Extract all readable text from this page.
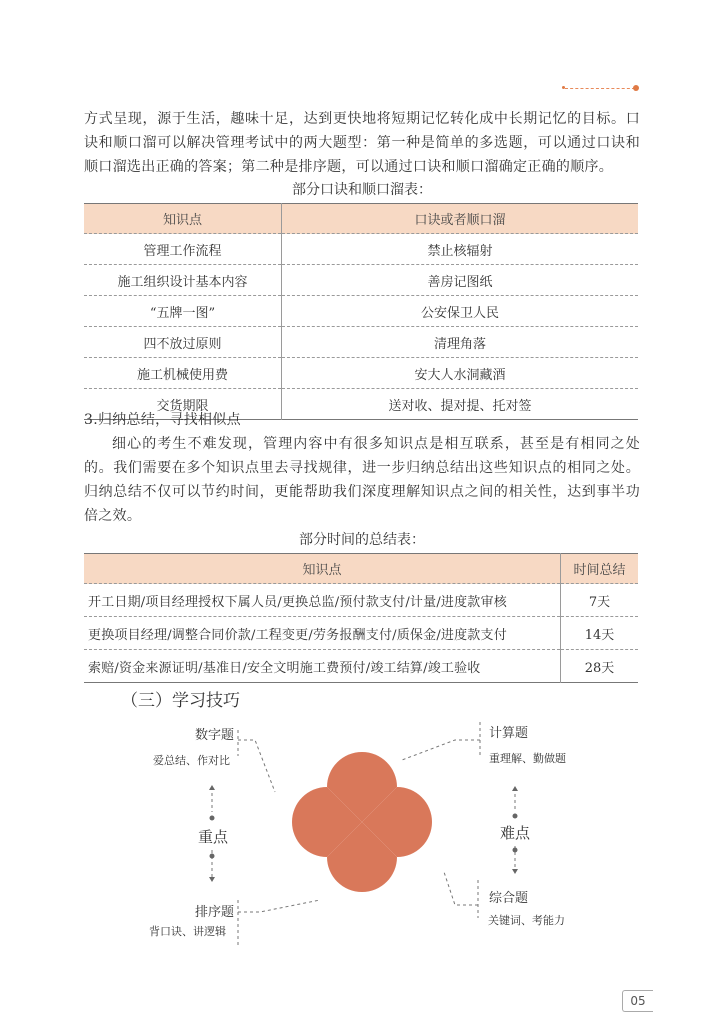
方式呈现，源于生活，趣味十足，达到更快地将短期记忆转化成中长期记忆的目标。口诀和顺口溜可以解决管理考试中的两大题型：第一种是简单的多选题，可以通过口诀和顺口溜选出正确的答案；第二种是排序题，可以通过口诀和顺口溜确定正确的顺序。
部分口诀和顺口溜表：
知识点	口诀或者顺口溜
管理工作流程	禁止核辐射
施工组织设计基本内容	善房记图纸
“五牌一图”	公安保卫人民
四不放过原则	清理角落
施工机械使用费	安大人水洞藏酒
交货期限	送对收、提对提、托对签
3.归纳总结，寻找相似点
细心的考生不难发现，管理内容中有很多知识点是相互联系，甚至是有相同之处的。我们需要在多个知识点里去寻找规律，进一步归纳总结出这些知识点的相同之处。归纳总结不仅可以节约时间，更能帮助我们深度理解知识点之间的相关性，达到事半功倍之效。
部分时间的总结表：
知识点	时间总结
开工日期/项目经理授权下属人员/更换总监/预付款支付/计量/进度款审核	7天
更换项目经理/调整合同价款/工程变更/劳务报酬支付/质保金/进度款支付	14天
索赔/资金来源证明/基准日/安全文明施工费预付/竣工结算/竣工验收	28天
（三）学习技巧
数字题
爱总结、作对比
计算题
重理解、勤做题
重点	难点
排序题
背口诀、讲逻辑
综合题
关键词、考能力
05
